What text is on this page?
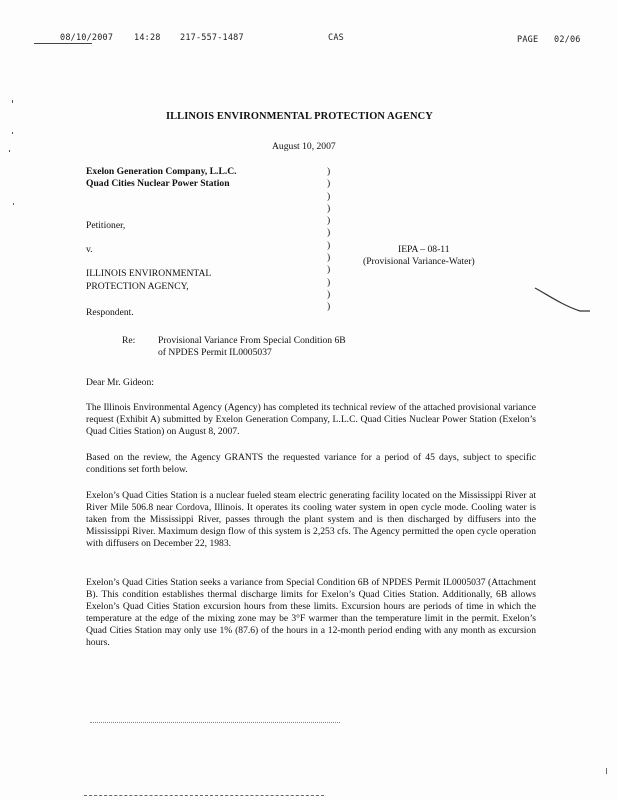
08/10/2007 14:28 217-557-1487	CAS	PAGE 02/06
ILLINOIS ENVIRONMENTAL PROTECTION AGENCY
August 10, 2007
Exelon Generation Company, L.L.C.
Quad Cities Nuclear Power Station
Petitioner,
v.
ILLINOIS ENVIRONMENTAL
PROTECTION AGENCY,
Respondent.
)
)
)
)
)
)
)
)
)
)
)
)
IEPA – 08-11
(Provisional Variance-Water)
Re: Provisional Variance From Special Condition 6B
of NPDES Permit IL0005037
Dear Mr. Gideon:
The Illinois Environmental Agency (Agency) has completed its technical review of the attached provisional variance request (Exhibit A) submitted by Exelon Generation Company, L.L.C. Quad Cities Nuclear Power Station (Exelon’s Quad Cities Station) on August 8, 2007.
Based on the review, the Agency GRANTS the requested variance for a period of 45 days, subject to specific conditions set forth below.
Exelon’s Quad Cities Station is a nuclear fueled steam electric generating facility located on the Mississippi River at River Mile 506.8 near Cordova, Illinois. It operates its cooling water system in open cycle mode. Cooling water is taken from the Mississippi River, passes through the plant system and is then discharged by diffusers into the Mississippi River. Maximum design flow of this system is 2,253 cfs. The Agency permitted the open cycle operation with diffusers on December 22, 1983.
Exelon’s Quad Cities Station seeks a variance from Special Condition 6B of NPDES Permit IL0005037 (Attachment B). This condition establishes thermal discharge limits for Exelon’s Quad Cities Station. Additionally, 6B allows Exelon’s Quad Cities Station excursion hours from these limits. Excursion hours are periods of time in which the temperature at the edge of the mixing zone may be 3°F warmer than the temperature limit in the permit. Exelon’s Quad Cities Station may only use 1% (87.6) of the hours in a 12-month period ending with any month as excursion hours.
